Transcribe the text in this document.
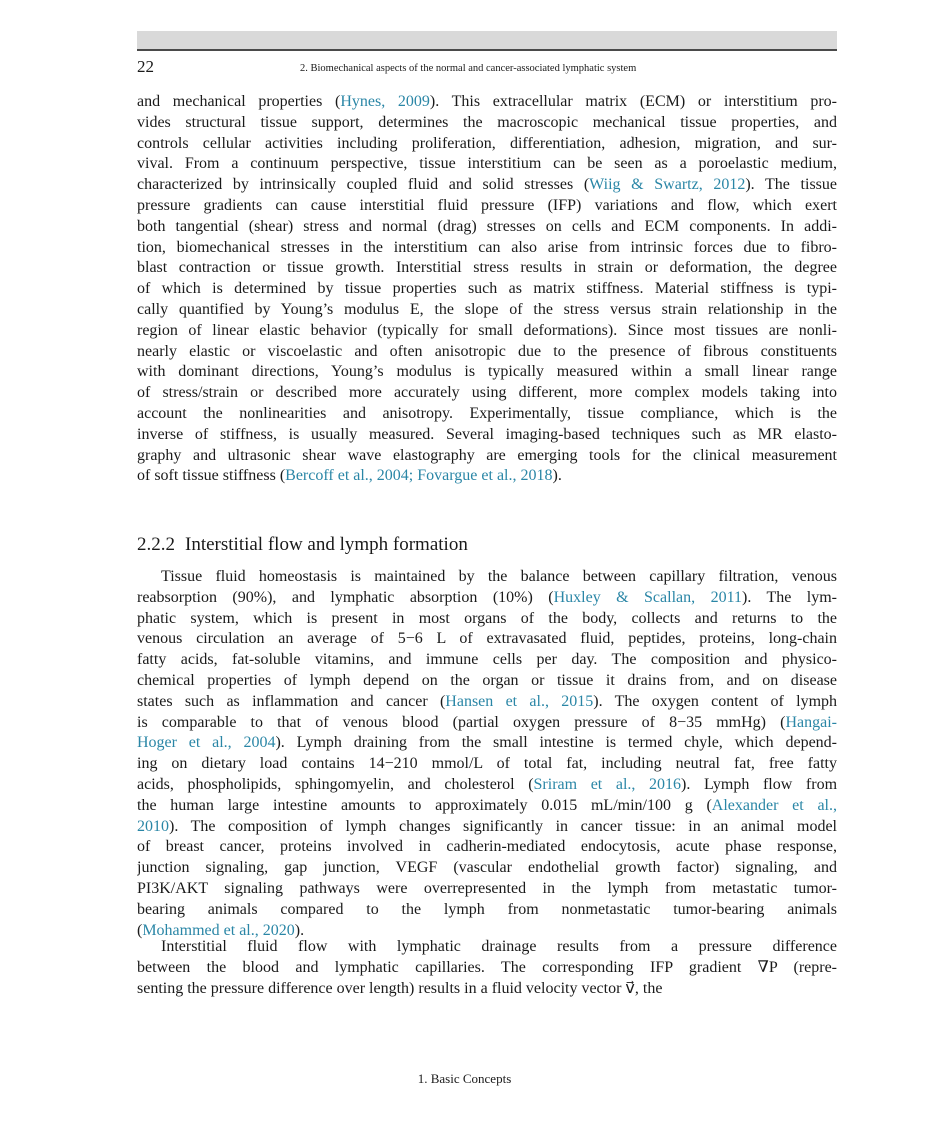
22	2. Biomechanical aspects of the normal and cancer-associated lymphatic system
and mechanical properties (Hynes, 2009). This extracellular matrix (ECM) or interstitium pro-
vides structural tissue support, determines the macroscopic mechanical tissue properties, and
controls cellular activities including proliferation, differentiation, adhesion, migration, and sur-
vival. From a continuum perspective, tissue interstitium can be seen as a poroelastic medium,
characterized by intrinsically coupled fluid and solid stresses (Wiig & Swartz, 2012). The tissue
pressure gradients can cause interstitial fluid pressure (IFP) variations and flow, which exert
both tangential (shear) stress and normal (drag) stresses on cells and ECM components. In addi-
tion, biomechanical stresses in the interstitium can also arise from intrinsic forces due to fibro-
blast contraction or tissue growth. Interstitial stress results in strain or deformation, the degree
of which is determined by tissue properties such as matrix stiffness. Material stiffness is typi-
cally quantified by Young’s modulus E, the slope of the stress versus strain relationship in the
region of linear elastic behavior (typically for small deformations). Since most tissues are nonli-
nearly elastic or viscoelastic and often anisotropic due to the presence of fibrous constituents
with dominant directions, Young’s modulus is typically measured within a small linear range
of stress/strain or described more accurately using different, more complex models taking into
account the nonlinearities and anisotropy. Experimentally, tissue compliance, which is the
inverse of stiffness, is usually measured. Several imaging-based techniques such as MR elasto-
graphy and ultrasonic shear wave elastography are emerging tools for the clinical measurement
of soft tissue stiffness (Bercoff et al., 2004; Fovargue et al., 2018).
2.2.2 Interstitial flow and lymph formation
Tissue fluid homeostasis is maintained by the balance between capillary filtration, venous
reabsorption (90%), and lymphatic absorption (10%) (Huxley & Scallan, 2011). The lym-
phatic system, which is present in most organs of the body, collects and returns to the
venous circulation an average of 5−6 L of extravasated fluid, peptides, proteins, long-chain
fatty acids, fat-soluble vitamins, and immune cells per day. The composition and physico-
chemical properties of lymph depend on the organ or tissue it drains from, and on disease
states such as inflammation and cancer (Hansen et al., 2015). The oxygen content of lymph
is comparable to that of venous blood (partial oxygen pressure of 8−35 mmHg) (Hangai-
Hoger et al., 2004). Lymph draining from the small intestine is termed chyle, which depend-
ing on dietary load contains 14−210 mmol/L of total fat, including neutral fat, free fatty
acids, phospholipids, sphingomyelin, and cholesterol (Sriram et al., 2016). Lymph flow from
the human large intestine amounts to approximately 0.015 mL/min/100 g (Alexander et al.,
2010). The composition of lymph changes significantly in cancer tissue: in an animal model
of breast cancer, proteins involved in cadherin-mediated endocytosis, acute phase response,
junction signaling, gap junction, VEGF (vascular endothelial growth factor) signaling, and
PI3K/AKT signaling pathways were overrepresented in the lymph from metastatic tumor-
bearing animals compared to the lymph from nonmetastatic tumor-bearing animals
(Mohammed et al., 2020).
Interstitial fluid flow with lymphatic drainage results from a pressure difference
between the blood and lymphatic capillaries. The corresponding IFP gradient ∇P (repre-
senting the pressure difference over length) results in a fluid velocity vector v⃗, the
1. Basic Concepts
